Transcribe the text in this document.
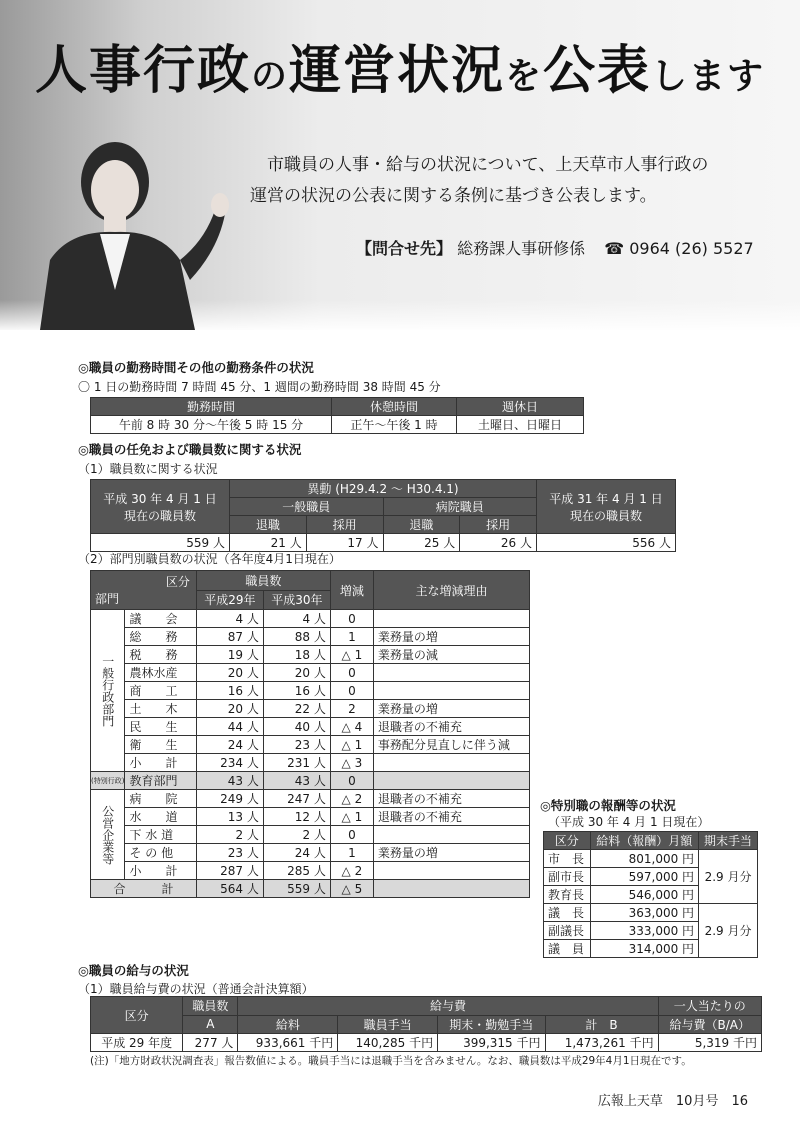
人事行政の運営状況を公表します
市職員の人事・給与の状況について、上天草市人事行政の
運営の状況の公表に関する条例に基づき公表します。
【問合せ先】 総務課人事研修係 ☎ 0964 (26) 5527
◎職員の勤務時間その他の勤務条件の状況
〇 1 日の勤務時間 7 時間 45 分、1 週間の勤務時間 38 時間 45 分
勤務時間	休憩時間	週休日
午前 8 時 30 分～午後 5 時 15 分	正午～午後 1 時	土曜日、日曜日
◎職員の任免および職員数に関する状況
（1）職員数に関する状況
平成 30 年 4 月 1 日
現在の職員数	異動 (H29.4.2 ～ H30.4.1)				平成 31 年 4 月 1 日
現在の職員数
	一般職員		病院職員		
	退職	採用	退職	採用	
559 人	21 人	17 人	25 人	26 人	556 人
（2）部門別職員数の状況（各年度4月1日現在）
区分
部門		職員数		増減	主な増減理由
		平成29年	平成30年		
一般行政部門	議　　会	4 人	4 人	0	
	総　　務	87 人	88 人	1	業務量の増
	税　　務	19 人	18 人	△ 1	業務量の減
	農林水産	20 人	20 人	0	
	商　　工	16 人	16 人	0	
	土　　木	20 人	22 人	2	業務量の増
	民　　生	44 人	40 人	△ 4	退職者の不補充
	衛　　生	24 人	23 人	△ 1	事務配分見直しに伴う減
	小　　計	234 人	231 人	△ 3	
(特別行政)	教育部門	43 人	43 人	0	
公営企業等	病　　院	249 人	247 人	△ 2	退職者の不補充
	水　　道	13 人	12 人	△ 1	退職者の不補充
	下 水 道	2 人	2 人	0	
	そ の 他	23 人	24 人	1	業務量の増
	小　　計	287 人	285 人	△ 2	
合　　　計		564 人	559 人	△ 5	
◎特別職の報酬等の状況
（平成 30 年 4 月 1 日現在）
区分	給料（報酬）月額	期末手当
市　長	801,000 円	2.9 月分
副市長	597,000 円	
教育長	546,000 円	
議　長	363,000 円	2.9 月分
副議長	333,000 円	
議　員	314,000 円	
◎職員の給与の状況
（1）職員給与費の状況（普通会計決算額）
区分	職員数	給与費				一人当たりの
	A	給料	職員手当	期末・勤勉手当	計　B	給与費（B/A）
平成 29 年度	277 人	933,661 千円	140,285 千円	399,315 千円	1,473,261 千円	5,319 千円
(注)「地方財政状況調査表」報告数値による。職員手当には退職手当を含みません。なお、職員数は平成29年4月1日現在です。
広報上天草　10月号　16
